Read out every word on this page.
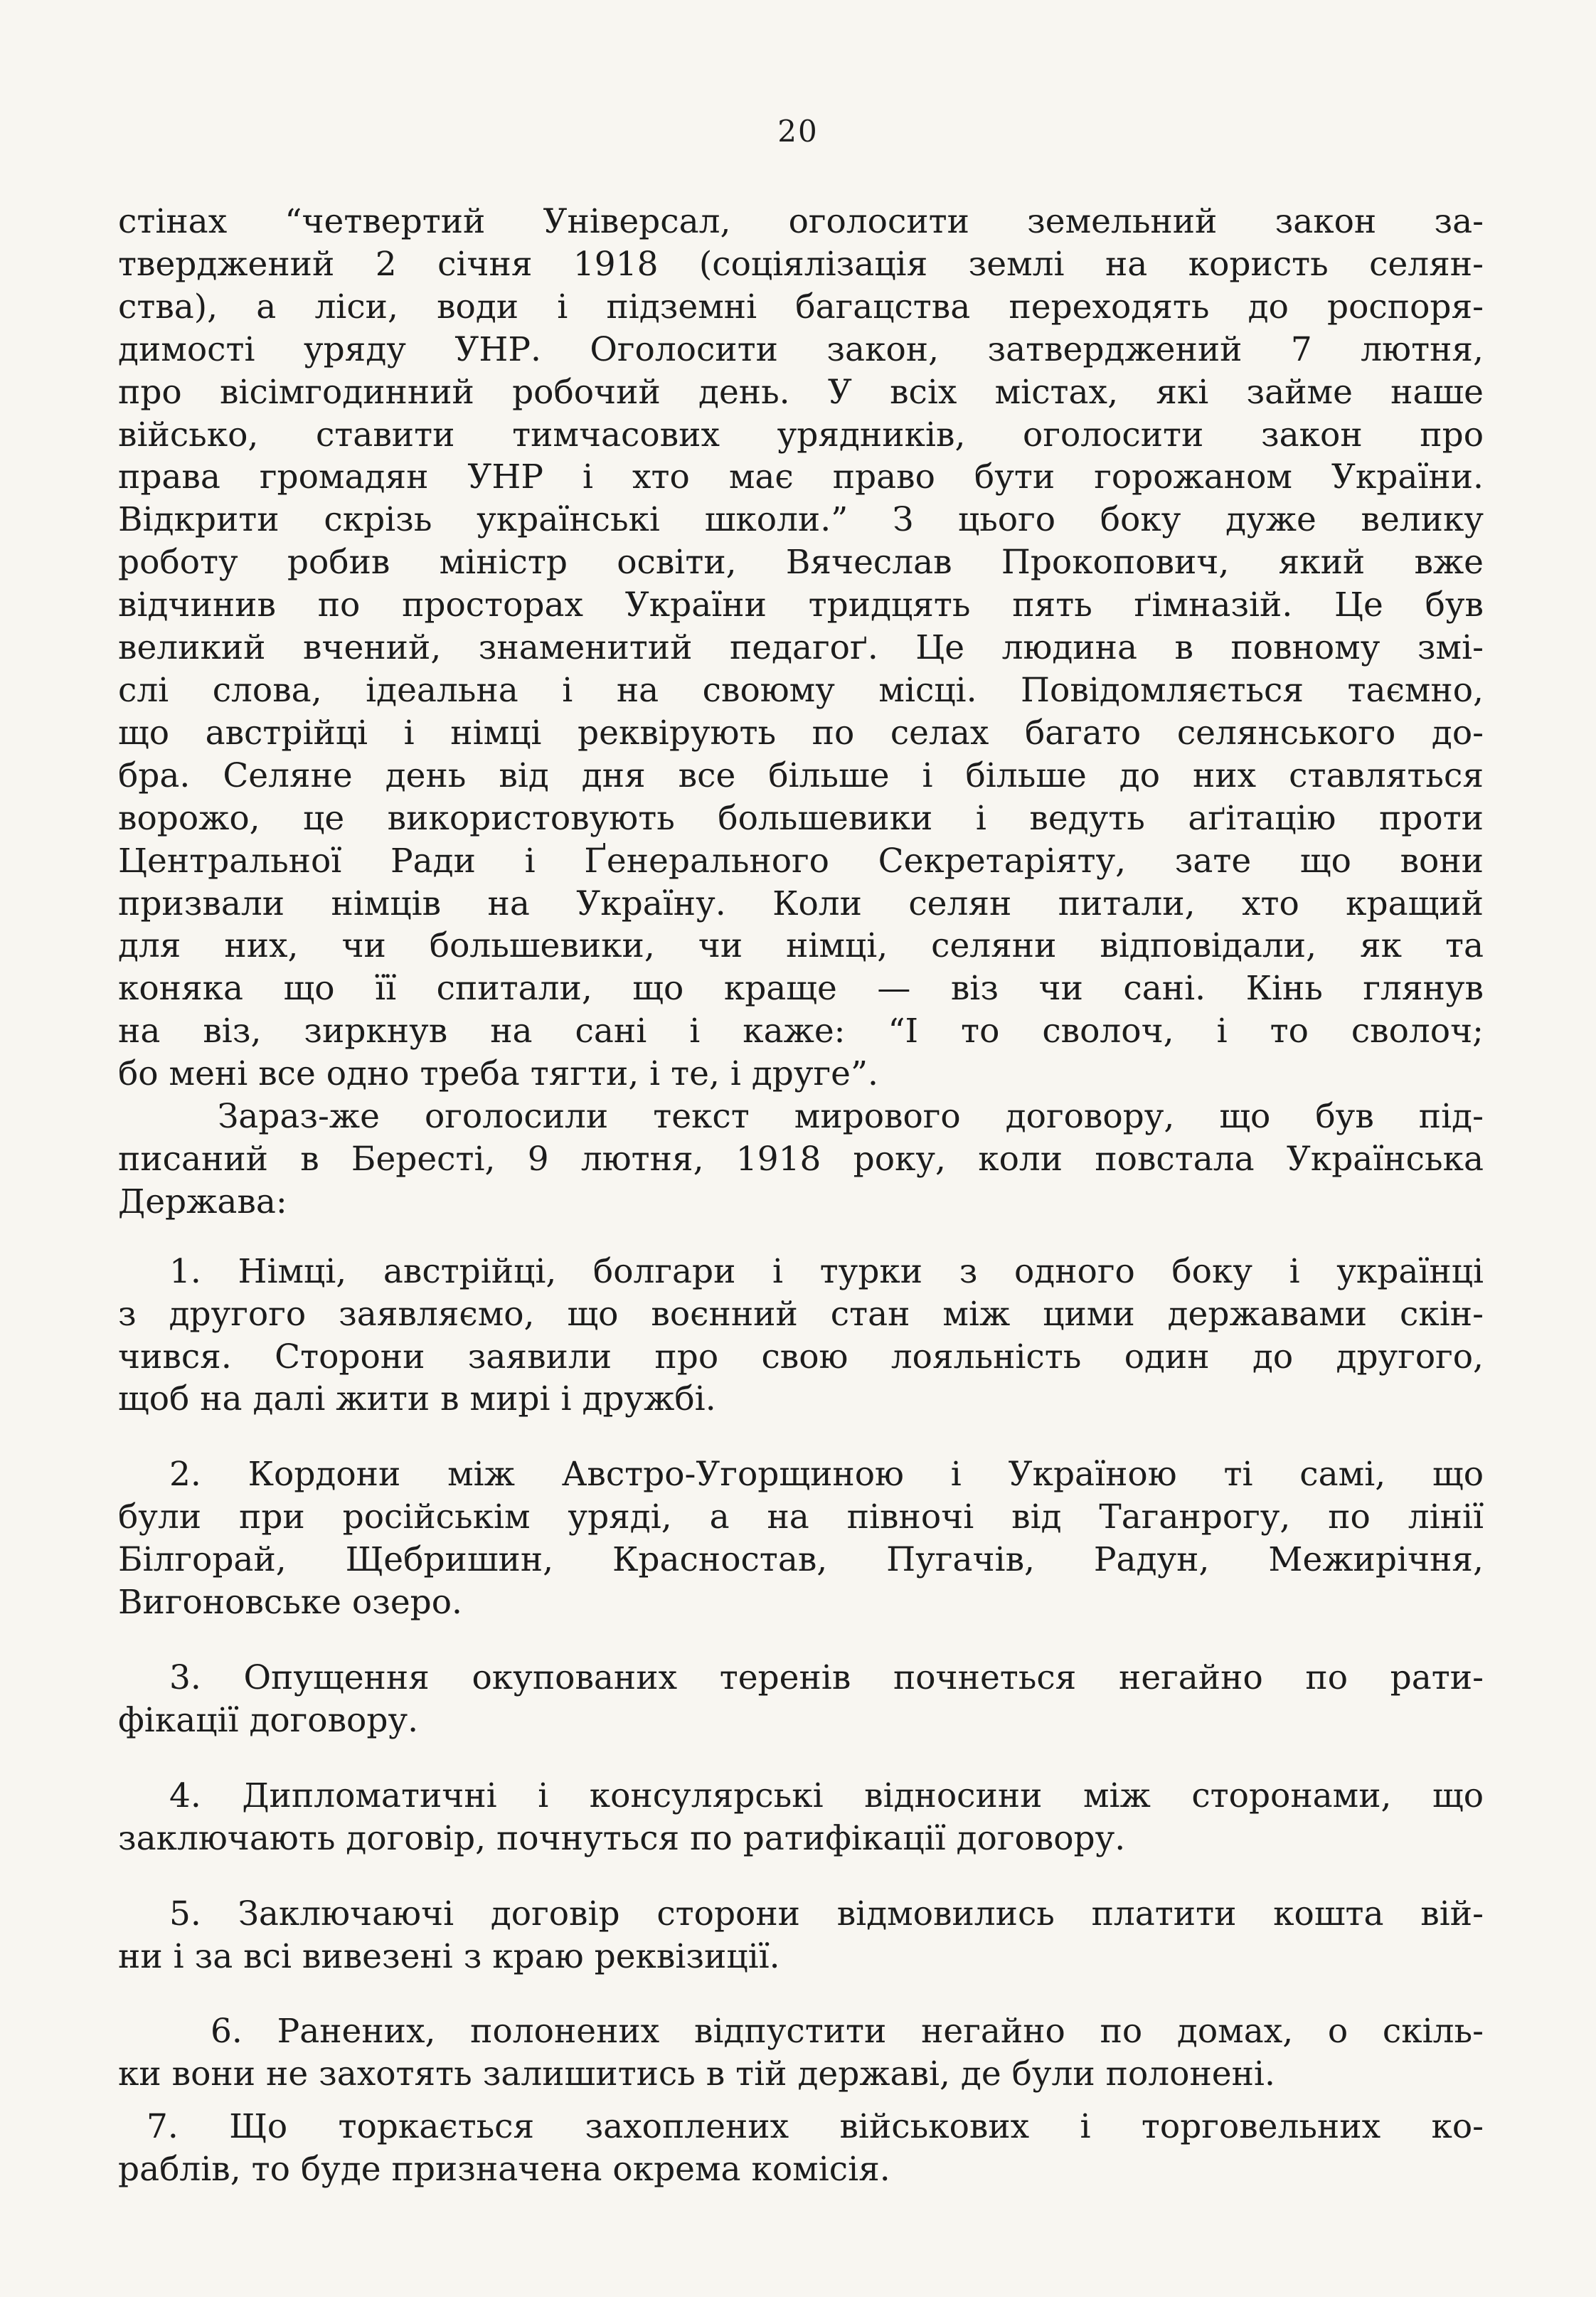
20
стінах “четвертий Універсал, оголосити земельний закон за-
тверджений 2 січня 1918 (соціялізація землі на користь селян-
ства), а ліси, води і підземні багацства переходять до роспоря-
димості уряду УНР. Оголосити закон, затверджений 7 лютня,
про вісімгодинний робочий день. У всіх містах, які займе наше
військо, ставити тимчасових урядників, оголосити закон про
права громадян УНР і хто має право бути горожаном України.
Відкрити скрізь українські школи.” З цього боку дуже велику
роботу робив міністр освіти, Вячеслав Прокопович, який вже
відчинив по просторах України тридцять пять ґімназій. Це був
великий вчений, знаменитий педагоґ. Це людина в повному змі-
слі слова, ідеальна і на своюму місці. Повідомляється таємно,
що австрійці і німці реквірують по селах багато селянського до-
бра. Селяне день від дня все більше і більше до них ставляться
ворожо, це використовують большевики і ведуть аґітацію проти
Центральної Ради і Ґенерального Секретаріяту, зате що вони
призвали німців на Україну. Коли селян питали, хто кращий
для них, чи большевики, чи німці, селяни відповідали, як та
коняка що її спитали, що краще — віз чи сані. Кінь глянув
на віз, зиркнув на сані і каже: “І то сволоч, і то сволоч;
бо мені все одно треба тягти, і те, і друге”.
Зараз-же оголосили текст мирового договору, що був під-
писаний в Бересті, 9 лютня, 1918 року, коли повстала Українська
Держава:
1. Німці, австрійці, болгари і турки з одного боку і українці
з другого заявляємо, що воєнний стан між цими державами скін-
чився. Сторони заявили про свою лояльність один до другого,
щоб на далі жити в мирі і дружбі.
2. Кордони між Австро-Угорщиною і Україною ті самі, що
були при російськім уряді, а на півночі від Таганрогу, по лінії
Білгорай, Щебришин, Красностав, Пугачів, Радун, Межирічня,
Вигоновське озеро.
3. Опущення окупованих теренів почнеться негайно по рати-
фікації договору.
4. Дипломатичні і консулярські відносини між сторонами, що
заключають договір, почнуться по ратифікації договору.
5. Заключаючі договір сторони відмовились платити кошта вій-
ни і за всі вивезені з краю реквізиції.
6. Ранених, полонених відпустити негайно по домах, о скіль-
ки вони не захотять залишитись в тій державі, де були полонені.
7. Що торкається захоплених військових і торговельних ко-
раблів, то буде призначена окрема комісія.
